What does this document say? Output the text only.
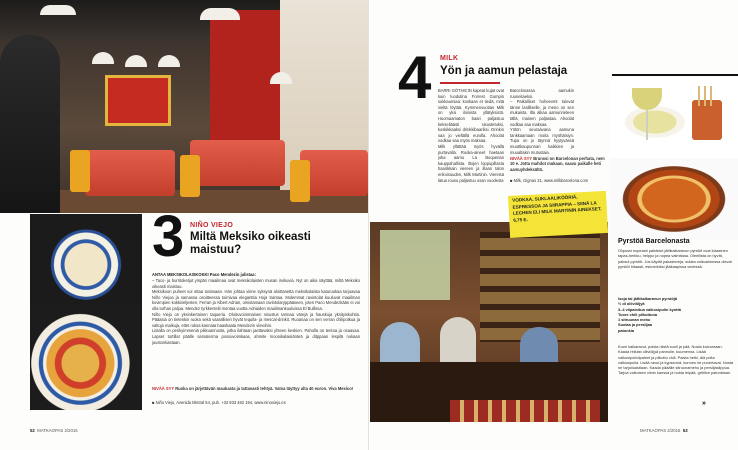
4 MILK
Yön ja aamun pelastaja
BARRI GÓTHICIN kapeat kujat ovat kuin luodutina Forrest Gumpin sukkaumiaa: koskaan et tiedä, mitä sieltä löytää. Kymmenvuotias Milk on yksi iloisista yllätyksistä. Huomaamaton baari paljastuu kekseliäästi sisustetuksi, koskikkaaksi drinkkibaariksi. Drinkin saa jo vieltällä eurolla. Ahoolat vodkaa saa myös maksaa.
Milk yllättää myös hyvällä purtavalla. Ruoka-aineet haetaan joka aamu La Boquerian kauppahallista. Iltojen loppupillasta haarikkain viereen ja illaan talon erikoisuuden, Milk Martinin. Viereisä latua rousu paljastuu osan vuodesta
Barcelonassa aamukin ruuneitaeksi.
– Paikalliset hoheevmt tulevat tänne lasilliselle, ja meno on sen mukaista. Ilta alkaa aamunrieteen tällä, mainen paljastaa. Ahoolat vodkaa saa maksaa.
Yötön seuraavana aamuna tankkaamaan moita myöhäisiyn. Tupa on jo täynnä hyytyvässä muuttkaupunnan kaikkien ja muualtakin mutustaja.
NIVÄÄ SYY Brunssi on Barcelonan perhata, nem 10 e. Jotta mahdot mukaan, saavu paikalle heti aamuyhdeksältä.
■ Milk, Gignas 21, www.milkbarcelona.com
VODKAA, SUKLAALIKÖÖRIÄ, ESPRESSOA JA SIIRAPPIA – SIINÄ LA LECHEN ELI MILK MARTININ AINEKSET. 6,75 E.
3 NIÑO VIEJO
Miltä Meksiko oikeasti maistuu?
ANTAA MEKSIKOLAISKOKKI Paco Mendezin julistaa:
– Taco- ja burritoketjut ympäri maailmaa ovat meksikolaisten musan irvikuvia. Nyt on aika näyttää, miltä Meksiko oikeasti maistuu.
Meksikoon puheet voi ottaa tosissaan. Hän johtaa viime syksynä aloittanetta meksikolaista katuruokaa tarjoavaa Niño Viejoa ja samassa osoitteessa toimivaa eleganttia Hoja Santaa. Molemmat ravintolat kuuluvat maailman kovimpien kokkiveljesten, Ferran ja Albert Adrian, omistamaan ravintolaryppääseen, joten Paco Mendezkään ei voi olla turhan paljoa. Mendez tyrkkentelii montaa vuotta Adriaiden maailmankuuluissa El Bullissa.
Niño Viejo on yksinkertainen taqueria. Oloituvoimmainen sisustus tarmaa värejä ja hauskoja yksityiskohtia. Pääasia on tietenkin ruoka sekä vaarallisen hyvät tequila- ja mescal-drinkit. Ruoanaa on sen verran chilipotkua ja valtoja maikuja, ettet ruksa kannata haaskaata Mendezin viineihin.
Listalla on perikyimmeniä pikkuannosta, jotka ilahtaan jaettavaksi yhteen keskien. Paholla on tentoa ja osaavaa. Lapset tortillat päälle sarsaterrna possuvoimkaas, ahmite moonikalaisiänteä ja ditppaan lespilä nokaan juustonkastaan.
NIVÄÄ SYY Ruoka on järjettävän maukasta ja tattavasti tehtyä. Vatsa täyttyy alta 40 euron. Viva Mexico!
■ Niño Viejo, Avenida Mistral 54, puh. +34 933 482 194, www.ninoviejo.es
Pyrstöä Barcelonasta
Olipossi nopeasti paistetut jättikalkaravun pyrstöt ovat klassinen tapas-herkku, helppo ja nopea valmistaa. Oleellista on hyvät, paksut pyrstöt. Jos käytät pakastereja, sulata valkuaimessa olevat pyrstöt hitaasti, esimerkiksi jääkaapissa vedessä.
Isoja tai jättikalkaravun pyrstöjä
½ dl oliiviöljyä
3–4 viipaloitua valkosipulin kynttä
Tuore chili pilkottuna
1 sitruunan mehu
Suolaa ja persiljaa
patonkia
Kuori kalkaravut, poista niistä suoli ja pää. Nosta kuivumaan. Kaada reiluist oliiviöljyä pannulle, kuumenna. Lisää valkosipuliviipaleet ja pilkottu chili. Paista hetki, älä polta valkosipulia. Lisää ravut ja kypsennä, kunnes ne punertavat. Nosta ne tarjoiluastiaan. Kaada pääälle sitruunamehu ja persiljasilppua. Tarjoa valkoisen viinin kanssa ja hoida leipää, gritillon patonkiaan.
»
52 MATKAOPAS 2/2015	MATKAOPAS 2/2015 53
